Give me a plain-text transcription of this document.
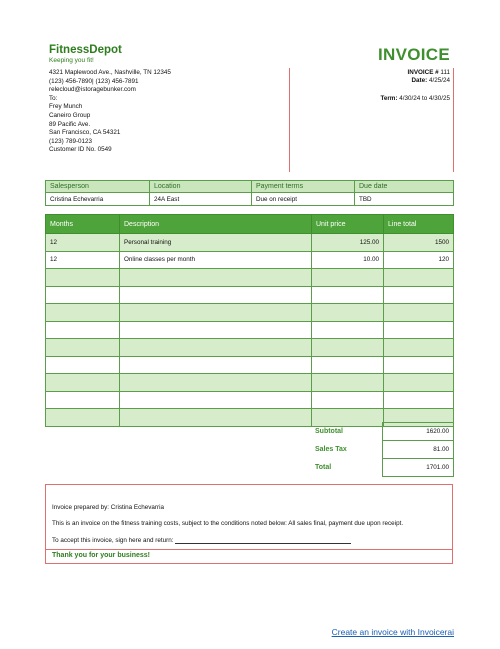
FitnessDepot
Keeping you fit!
4321 Maplewood Ave., Nashville, TN 12345
(123) 456-7890| (123) 456-7891
relecloud@istoragebunker.com
To:
Frey Munch
Caneiro Group
89 Pacific Ave.
San Francisco, CA 54321
(123) 789-0123
Customer ID No. 0549
INVOICE
INVOICE # 111
Date: 4/25/24
Term: 4/30/24 to 4/30/25
Salesperson	Location	Payment terms	Due date
Cristina Echevarria	24A East	Due on receipt	TBD
Months	Description	Unit price	Line total
12	Personal training	125.00	1500
12	Online classes per month	10.00	120

	Subtotal	1620.00
	Sales Tax	81.00
	Total	1701.00
Invoice prepared by: Cristina Echevarria
This is an invoice on the fitness training costs, subject to the conditions noted below: All sales final, payment due upon receipt.
To accept this invoice, sign here and return:
Thank you for your business!
Create an invoice with Invoicerai
